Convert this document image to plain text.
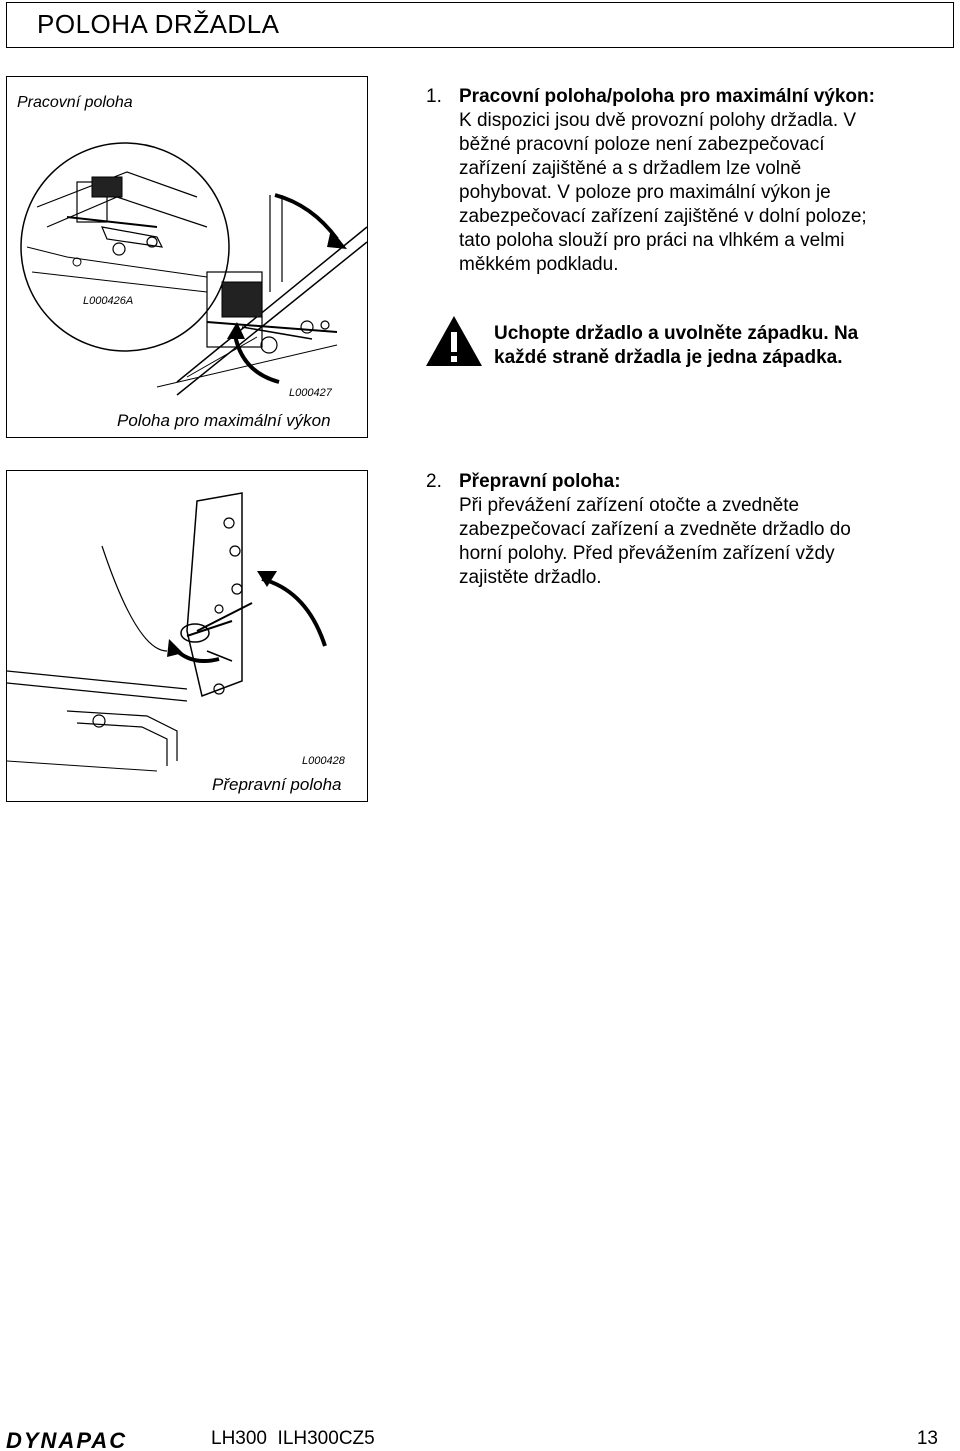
POLOHA DRŽADLA
Pracovní poloha
L000426A
L000427
Poloha pro maximální výkon
1. Pracovní poloha/poloha pro maximální výkon:
K dispozici jsou dvě provozní polohy držadla. V
běžné pracovní poloze není zabezpečovací
zařízení zajištěné a s držadlem lze volně
pohybovat. V poloze pro maximální výkon je
zabezpečovací zařízení zajištěné v dolní poloze;
tato poloha slouží pro práci na vlhkém a velmi
měkkém podkladu.
Uchopte držadlo a uvolněte západku. Na
každé straně držadla je jedna západka.
L000428
Přepravní poloha
2. Přepravní poloha:
Při převážení zařízení otočte a zvedněte
zabezpečovací zařízení a zvedněte držadlo do
horní polohy. Před převážením zařízení vždy
zajistěte držadlo.
DYNAPAC	LH300  ILH300CZ5	13
